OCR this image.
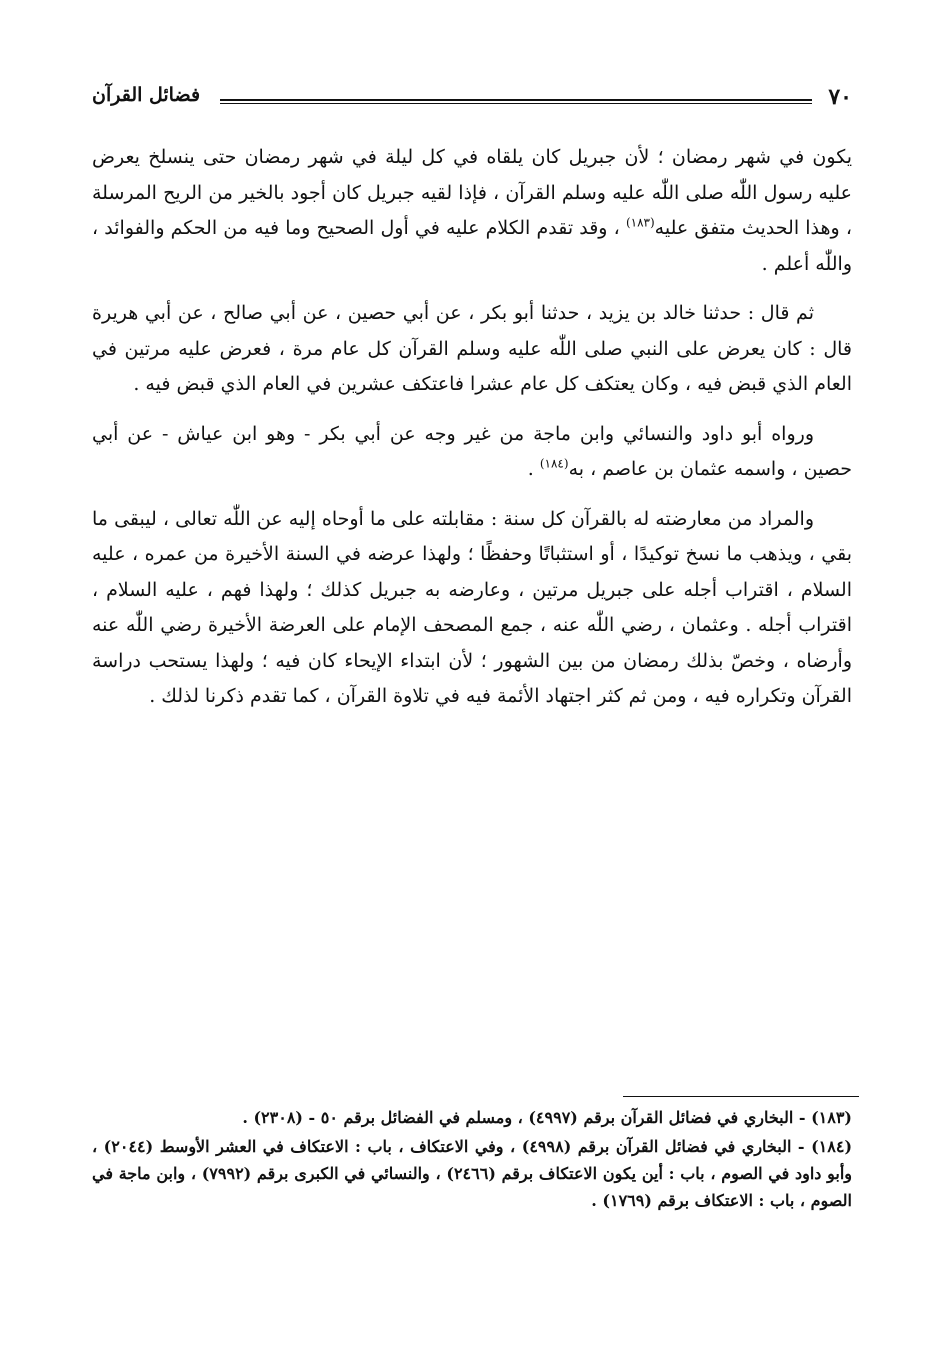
٧٠
فضائل القرآن

يكون في شهر رمضان ؛ لأن جبريل كان يلقاه في كل ليلة في شهر رمضان حتى ينسلخ يعرض عليه رسول اللّٰه صلى اللّٰه عليه وسلم القرآن ، فإذا لقيه جبريل كان أجود بالخير من الريح المرسلة ، وهذا الحديث متفق عليه$^{(١٨٣)}$ ، وقد تقدم الكلام عليه في أول الصحيح وما فيه من الحكم والفوائد ، واللّٰه أعلم .

ثم قال : حدثنا خالد بن يزيد ، حدثنا أبو بكر ، عن أبي حصين ، عن أبي صالح ، عن أبي هريرة قال : كان يعرض على النبي صلى اللّٰه عليه وسلم القرآن كل عام مرة ، فعرض عليه مرتين في العام الذي قبض فيه ، وكان يعتكف كل عام عشرا فاعتكف عشرين في العام الذي قبض فيه .

ورواه أبو داود والنسائي وابن ماجة من غير وجه عن أبي بكر - وهو ابن عياش - عن أبي حصين ، واسمه عثمان بن عاصم ، به$^{(١٨٤)}$ .

والمراد من معارضته له بالقرآن كل سنة : مقابلته على ما أوحاه إليه عن اللّٰه تعالى ، ليبقى ما بقي ، ويذهب ما نسخ توكيدًا ، أو استثباتًا وحفظًا ؛ ولهذا عرضه في السنة الأخيرة من عمره ، عليه السلام ، اقتراب أجله على جبريل مرتين ، وعارضه به جبريل كذلك ؛ ولهذا فهم ، عليه السلام ، اقتراب أجله . وعثمان ، رضي اللّٰه عنه ، جمع المصحف الإمام على العرضة الأخيرة رضي اللّٰه عنه وأرضاه ، وخصّ بذلك رمضان من بين الشهور ؛ لأن ابتداء الإيحاء كان فيه ؛ ولهذا يستحب دراسة القرآن وتكراره فيه ، ومن ثم كثر اجتهاد الأئمة فيه في تلاوة القرآن ، كما تقدم ذكرنا لذلك .

(١٨٣) - البخاري في فضائل القرآن برقم (٤٩٩٧) ، ومسلم في الفضائل برقم ٥٠ - (٢٣٠٨) .

(١٨٤) - البخاري في فضائل القرآن برقم (٤٩٩٨) ، وفي الاعتكاف ، باب : الاعتكاف في العشر الأوسط (٢٠٤٤) ، وأبو داود في الصوم ، باب : أين يكون الاعتكاف برقم (٢٤٦٦) ، والنسائي في الكبرى برقم (٧٩٩٢) ، وابن ماجة في الصوم ، باب : الاعتكاف برقم (١٧٦٩) .
